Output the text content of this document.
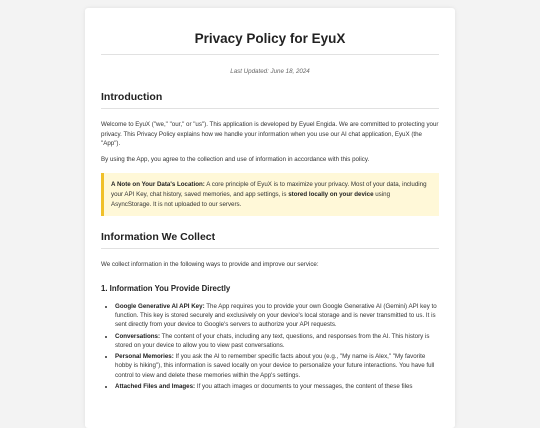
Privacy Policy for EyuX

Last Updated: June 18, 2024

Introduction

Welcome to EyuX ("we," "our," or "us"). This application is developed by Eyuel Engida. We are committed to protecting your privacy. This Privacy Policy explains how we handle your information when you use our AI chat application, EyuX (the "App").

By using the App, you agree to the collection and use of information in accordance with this policy.

A Note on Your Data's Location: A core principle of EyuX is to maximize your privacy. Most of your data, including your API Key, chat history, saved memories, and app settings, is stored locally on your device using AsyncStorage. It is not uploaded to our servers.
Information We Collect

We collect information in the following ways to provide and improve our service:

1. Information You Provide Directly
• Google Generative AI API Key: The App requires you to provide your own Google Generative AI (Gemini) API key to function. This key is stored securely and exclusively on your device's local storage and is never transmitted to us. It is sent directly from your device to Google's servers to authorize your API requests.
• Conversations: The content of your chats, including any text, questions, and responses from the AI. This history is stored on your device to allow you to view past conversations.
• Personal Memories: If you ask the AI to remember specific facts about you (e.g., "My name is Alex," "My favorite hobby is hiking"), this information is saved locally on your device to personalize your future interactions. You have full control to view and delete these memories within the App's settings.
• Attached Files and Images: If you attach images or documents to your messages, the content of these files
